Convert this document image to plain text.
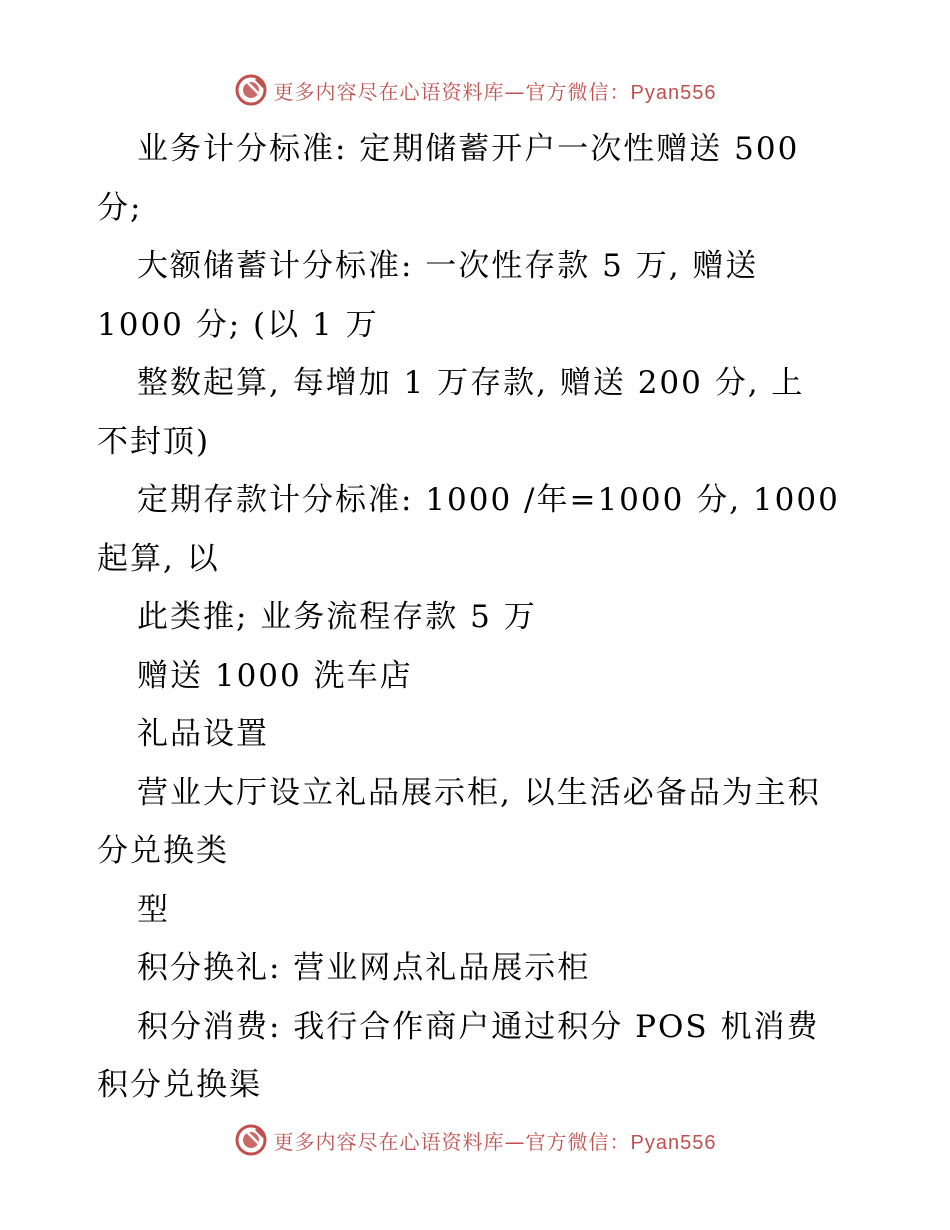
更多内容尽在心语资料库—官方微信：Pyan556
业务计分标准: 定期储蓄开户一次性赠送 500
分;
大额储蓄计分标准: 一次性存款 5 万, 赠送
1000 分; (以 1 万
整数起算, 每增加 1 万存款, 赠送 200 分, 上
不封顶)
定期存款计分标准: 1000 /年=1000 分, 1000
起算, 以
此类推; 业务流程存款 5 万
赠送 1000 洗车店
礼品设置
营业大厅设立礼品展示柜, 以生活必备品为主积
分兑换类
型
积分换礼: 营业网点礼品展示柜
积分消费: 我行合作商户通过积分 POS 机消费
积分兑换渠
更多内容尽在心语资料库—官方微信：Pyan556
